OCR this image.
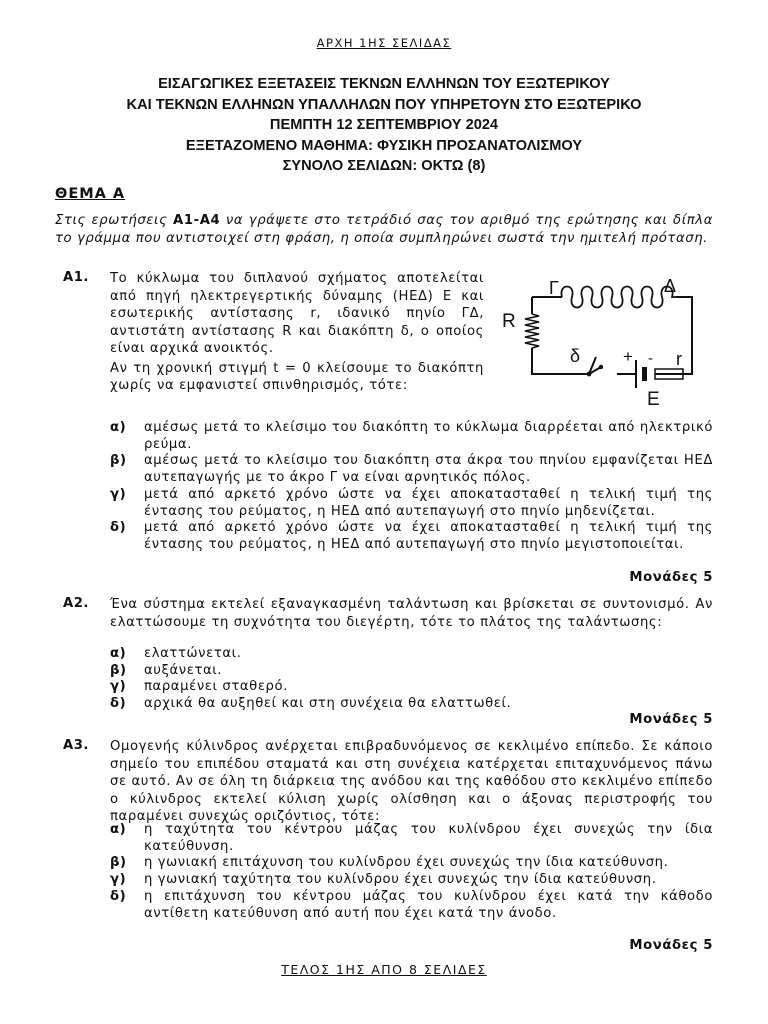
ΑΡΧΗ 1ΗΣ ΣΕΛΙΔΑΣ
ΕΙΣΑΓΩΓΙΚΕΣ ΕΞΕΤΑΣΕΙΣ ΤΕΚΝΩΝ ΕΛΛΗΝΩΝ ΤΟΥ ΕΞΩΤΕΡΙΚΟΥ
ΚΑΙ ΤΕΚΝΩΝ ΕΛΛΗΝΩΝ ΥΠΑΛΛΗΛΩΝ ΠΟΥ ΥΠΗΡΕΤΟΥΝ ΣΤΟ ΕΞΩΤΕΡΙΚΟ
ΠΕΜΠΤΗ 12 ΣΕΠΤΕΜΒΡΙΟΥ 2024
ΕΞΕΤΑΖΟΜΕΝΟ ΜΑΘΗΜΑ: ΦΥΣΙΚΗ ΠΡΟΣΑΝΑΤΟΛΙΣΜΟΥ
ΣΥΝΟΛΟ ΣΕΛΙΔΩΝ: ΟΚΤΩ (8)
ΘΕΜΑ Α
Στις ερωτήσεις Α1-Α4 να γράψετε στο τετράδιό σας τον αριθμό της ερώτησης και δίπλα το γράμμα που αντιστοιχεί στη φράση, η οποία συμπληρώνει σωστά την ημιτελή πρόταση.
Α1. Το κύκλωμα του διπλανού σχήματος αποτελείται από πηγή ηλεκτρεγερτικής δύναμης (ΗΕΔ) Ε και εσωτερικής αντίστασης r, ιδανικό πηνίο ΓΔ, αντιστάτη αντίστασης R και διακόπτη δ, ο οποίος είναι αρχικά ανοικτός.
Αν τη χρονική στιγμή t = 0 κλείσουμε το διακόπτη χωρίς να εμφανιστεί σπινθηρισμός, τότε:
Γ	Δ
R
δ	+ - r
E
α)	αμέσως μετά το κλείσιμο του διακόπτη το κύκλωμα διαρρέεται από ηλεκτρικό ρεύμα.
β)	αμέσως μετά το κλείσιμο του διακόπτη στα άκρα του πηνίου εμφανίζεται ΗΕΔ αυτεπαγωγής με το άκρο Γ να είναι αρνητικός πόλος.
γ)	μετά από αρκετό χρόνο ώστε να έχει αποκατασταθεί η τελική τιμή της έντασης του ρεύματος, η ΗΕΔ από αυτεπαγωγή στο πηνίο μηδενίζεται.
δ)	μετά από αρκετό χρόνο ώστε να έχει αποκατασταθεί η τελική τιμή της έντασης του ρεύματος, η ΗΕΔ από αυτεπαγωγή στο πηνίο μεγιστοποιείται.
Μονάδες 5
Α2. Ένα σύστημα εκτελεί εξαναγκασμένη ταλάντωση και βρίσκεται σε συντονισμό. Αν ελαττώσουμε τη συχνότητα του διεγέρτη, τότε το πλάτος της ταλάντωσης:
α)	ελαττώνεται.
β)	αυξάνεται.
γ)	παραμένει σταθερό.
δ)	αρχικά θα αυξηθεί και στη συνέχεια θα ελαττωθεί.
Μονάδες 5
Α3. Ομογενής κύλινδρος ανέρχεται επιβραδυνόμενος σε κεκλιμένο επίπεδο. Σε κάποιο σημείο του επιπέδου σταματά και στη συνέχεια κατέρχεται επιταχυνόμενος πάνω σε αυτό. Αν σε όλη τη διάρκεια της ανόδου και της καθόδου στο κεκλιμένο επίπεδο ο κύλινδρος εκτελεί κύλιση χωρίς ολίσθηση και ο άξονας περιστροφής του παραμένει συνεχώς οριζόντιος, τότε:
α)	η ταχύτητα του κέντρου μάζας του κυλίνδρου έχει συνεχώς την ίδια κατεύθυνση.
β)	η γωνιακή επιτάχυνση του κυλίνδρου έχει συνεχώς την ίδια κατεύθυνση.
γ)	η γωνιακή ταχύτητα του κυλίνδρου έχει συνεχώς την ίδια κατεύθυνση.
δ)	η επιτάχυνση του κέντρου μάζας του κυλίνδρου έχει κατά την κάθοδο αντίθετη κατεύθυνση από αυτή που έχει κατά την άνοδο.
Μονάδες 5
ΤΕΛΟΣ 1ΗΣ ΑΠΟ 8 ΣΕΛΙΔΕΣ
